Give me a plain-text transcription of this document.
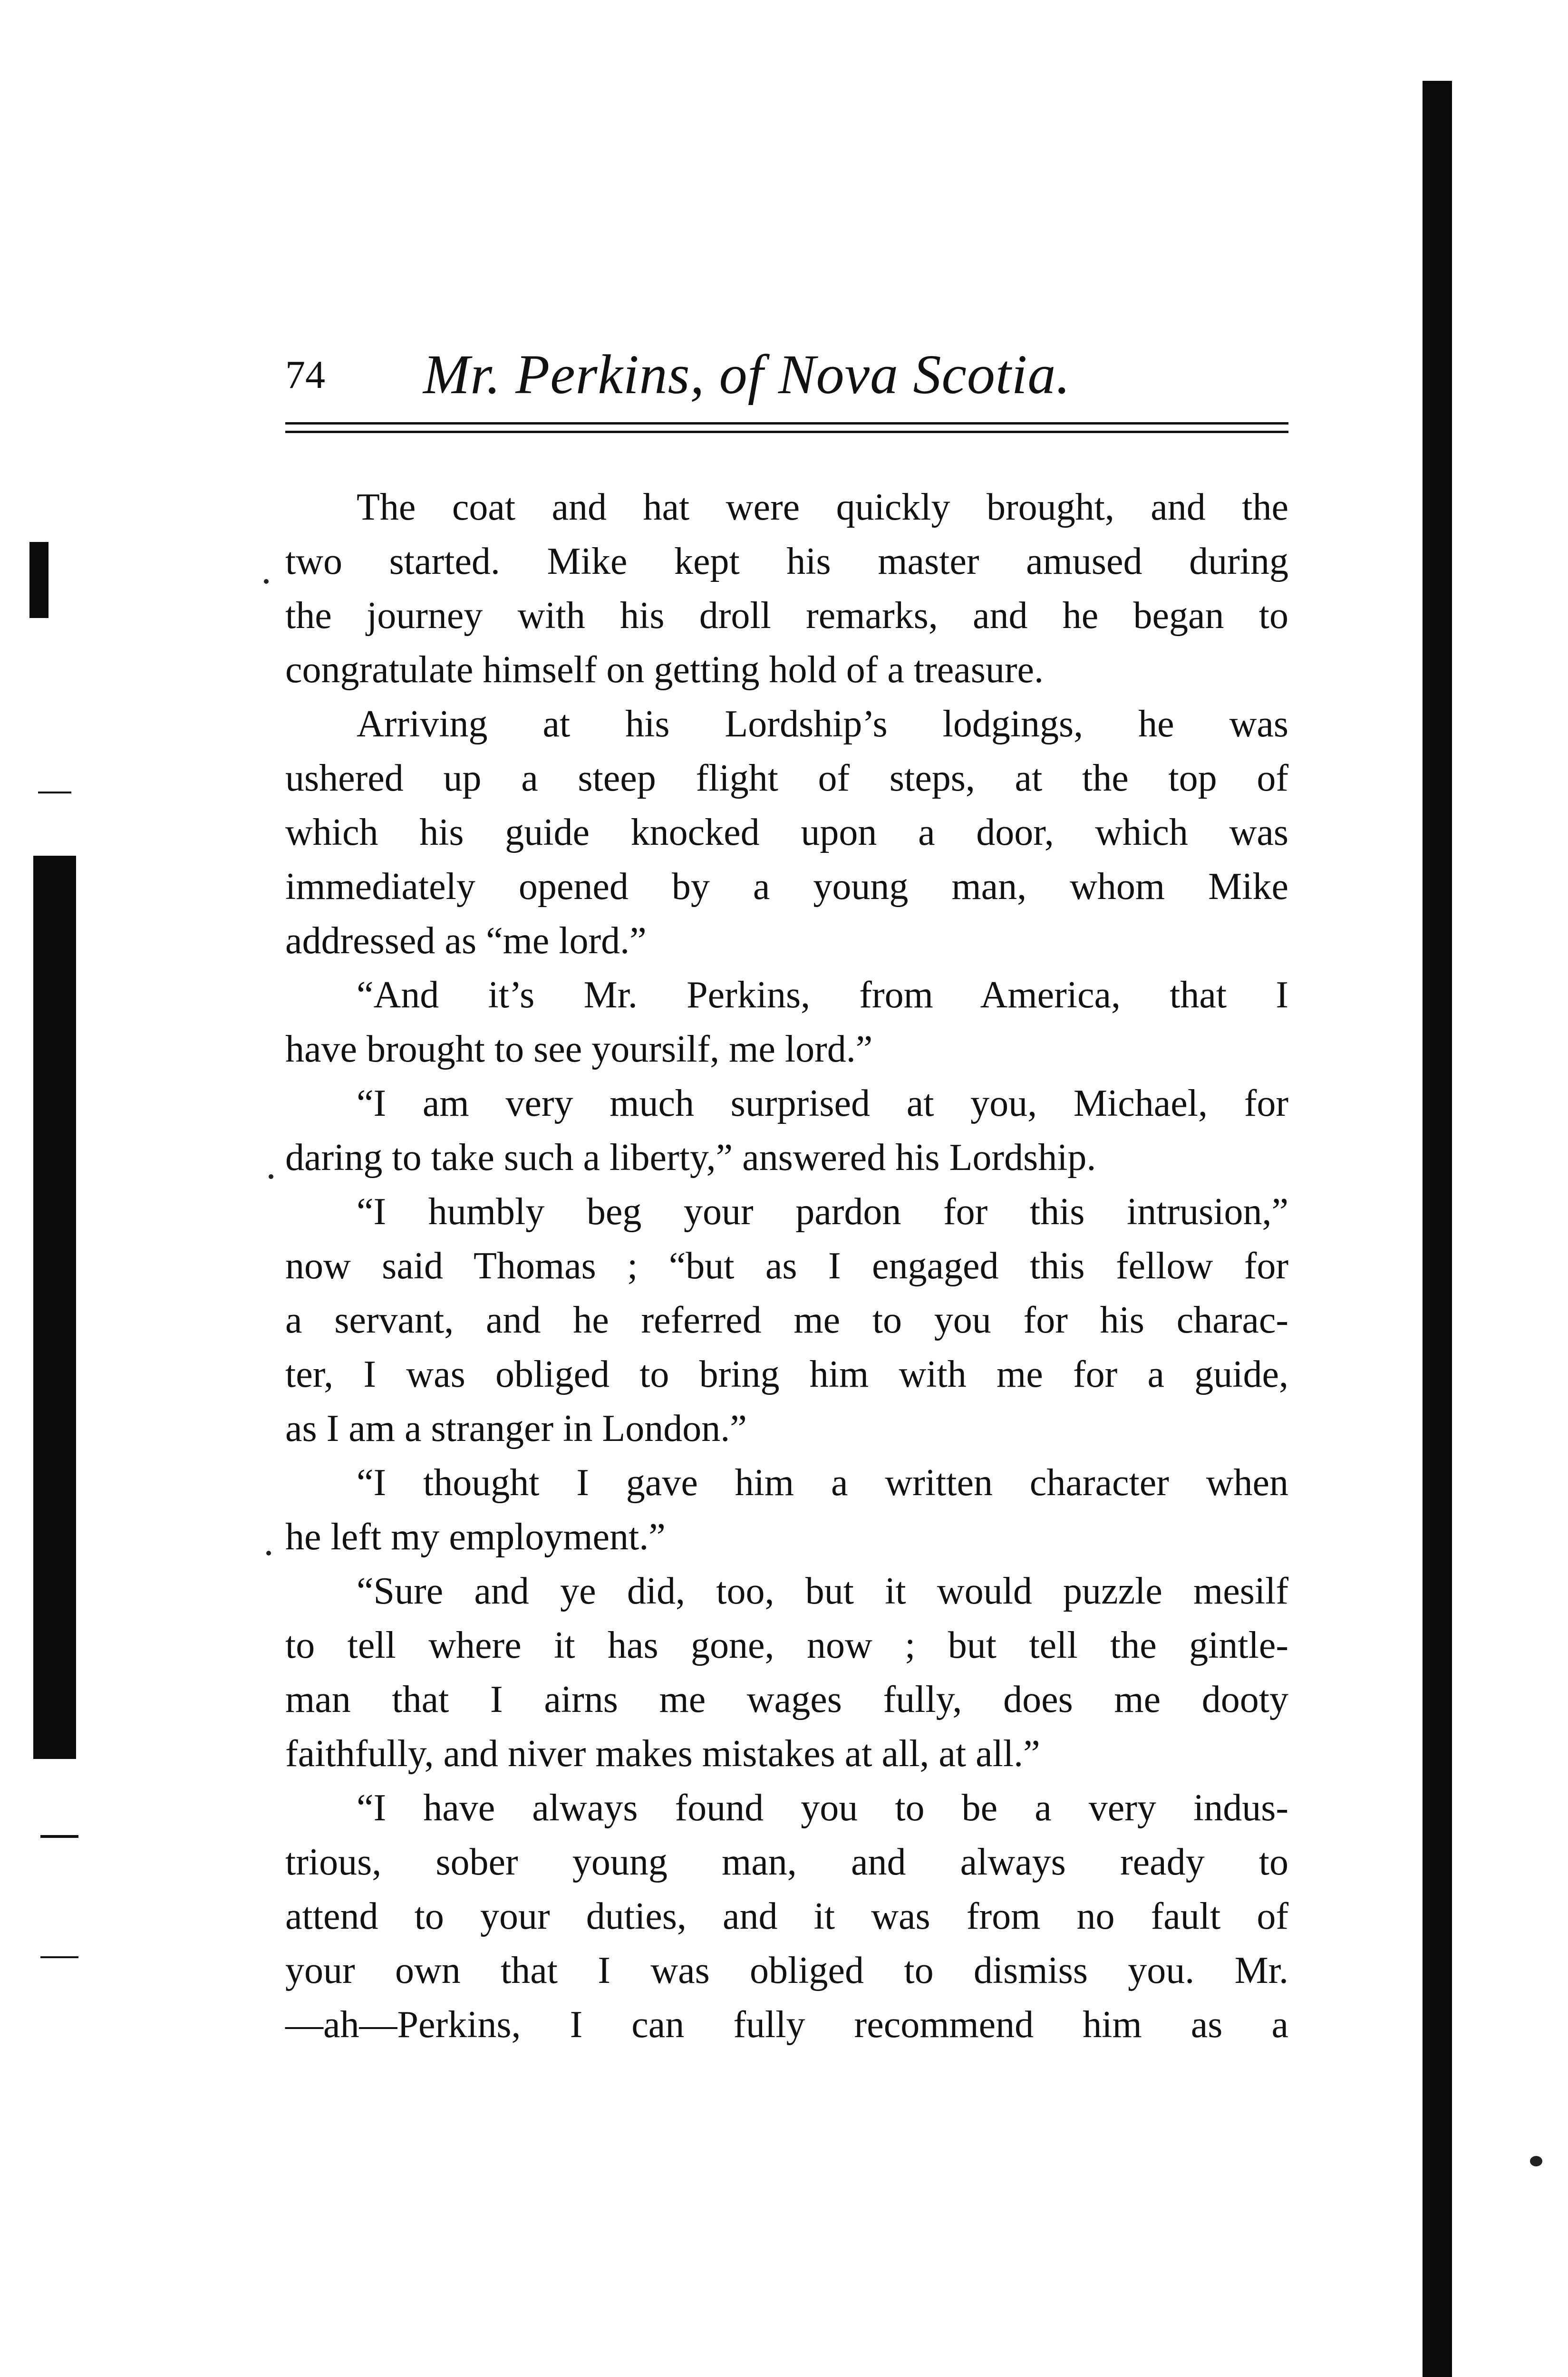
74 Mr. Perkins, of Nova Scotia.

The coat and hat were quickly brought, and the
two started. Mike kept his master amused during
the journey with his droll remarks, and he began to
congratulate himself on getting hold of a treasure.

Arriving at his Lordship’s lodgings, he was
ushered up a steep flight of steps, at the top of
which his guide knocked upon a door, which was
immediately opened by a young man, whom Mike
addressed as “me lord.”

“And it’s Mr. Perkins, from America, that I
have brought to see yoursilf, me lord.”

“I am very much surprised at you, Michael, for
daring to take such a liberty,” answered his Lordship.

“I humbly beg your pardon for this intrusion,”
now said Thomas ; “but as I engaged this fellow for
a servant, and he referred me to you for his charac-
ter, I was obliged to bring him with me for a guide,
as I am a stranger in London.”

“I thought I gave him a written character when
he left my employment.”

“Sure and ye did, too, but it would puzzle mesilf
to tell where it has gone, now ; but tell the gintle-
man that I airns me wages fully, does me dooty
faithfully, and niver makes mistakes at all, at all.”

“I have always found you to be a very indus-
trious, sober young man, and always ready to
attend to your duties, and it was from no fault of
your own that I was obliged to dismiss you. Mr.
—ah—Perkins, I can fully recommend him as a
